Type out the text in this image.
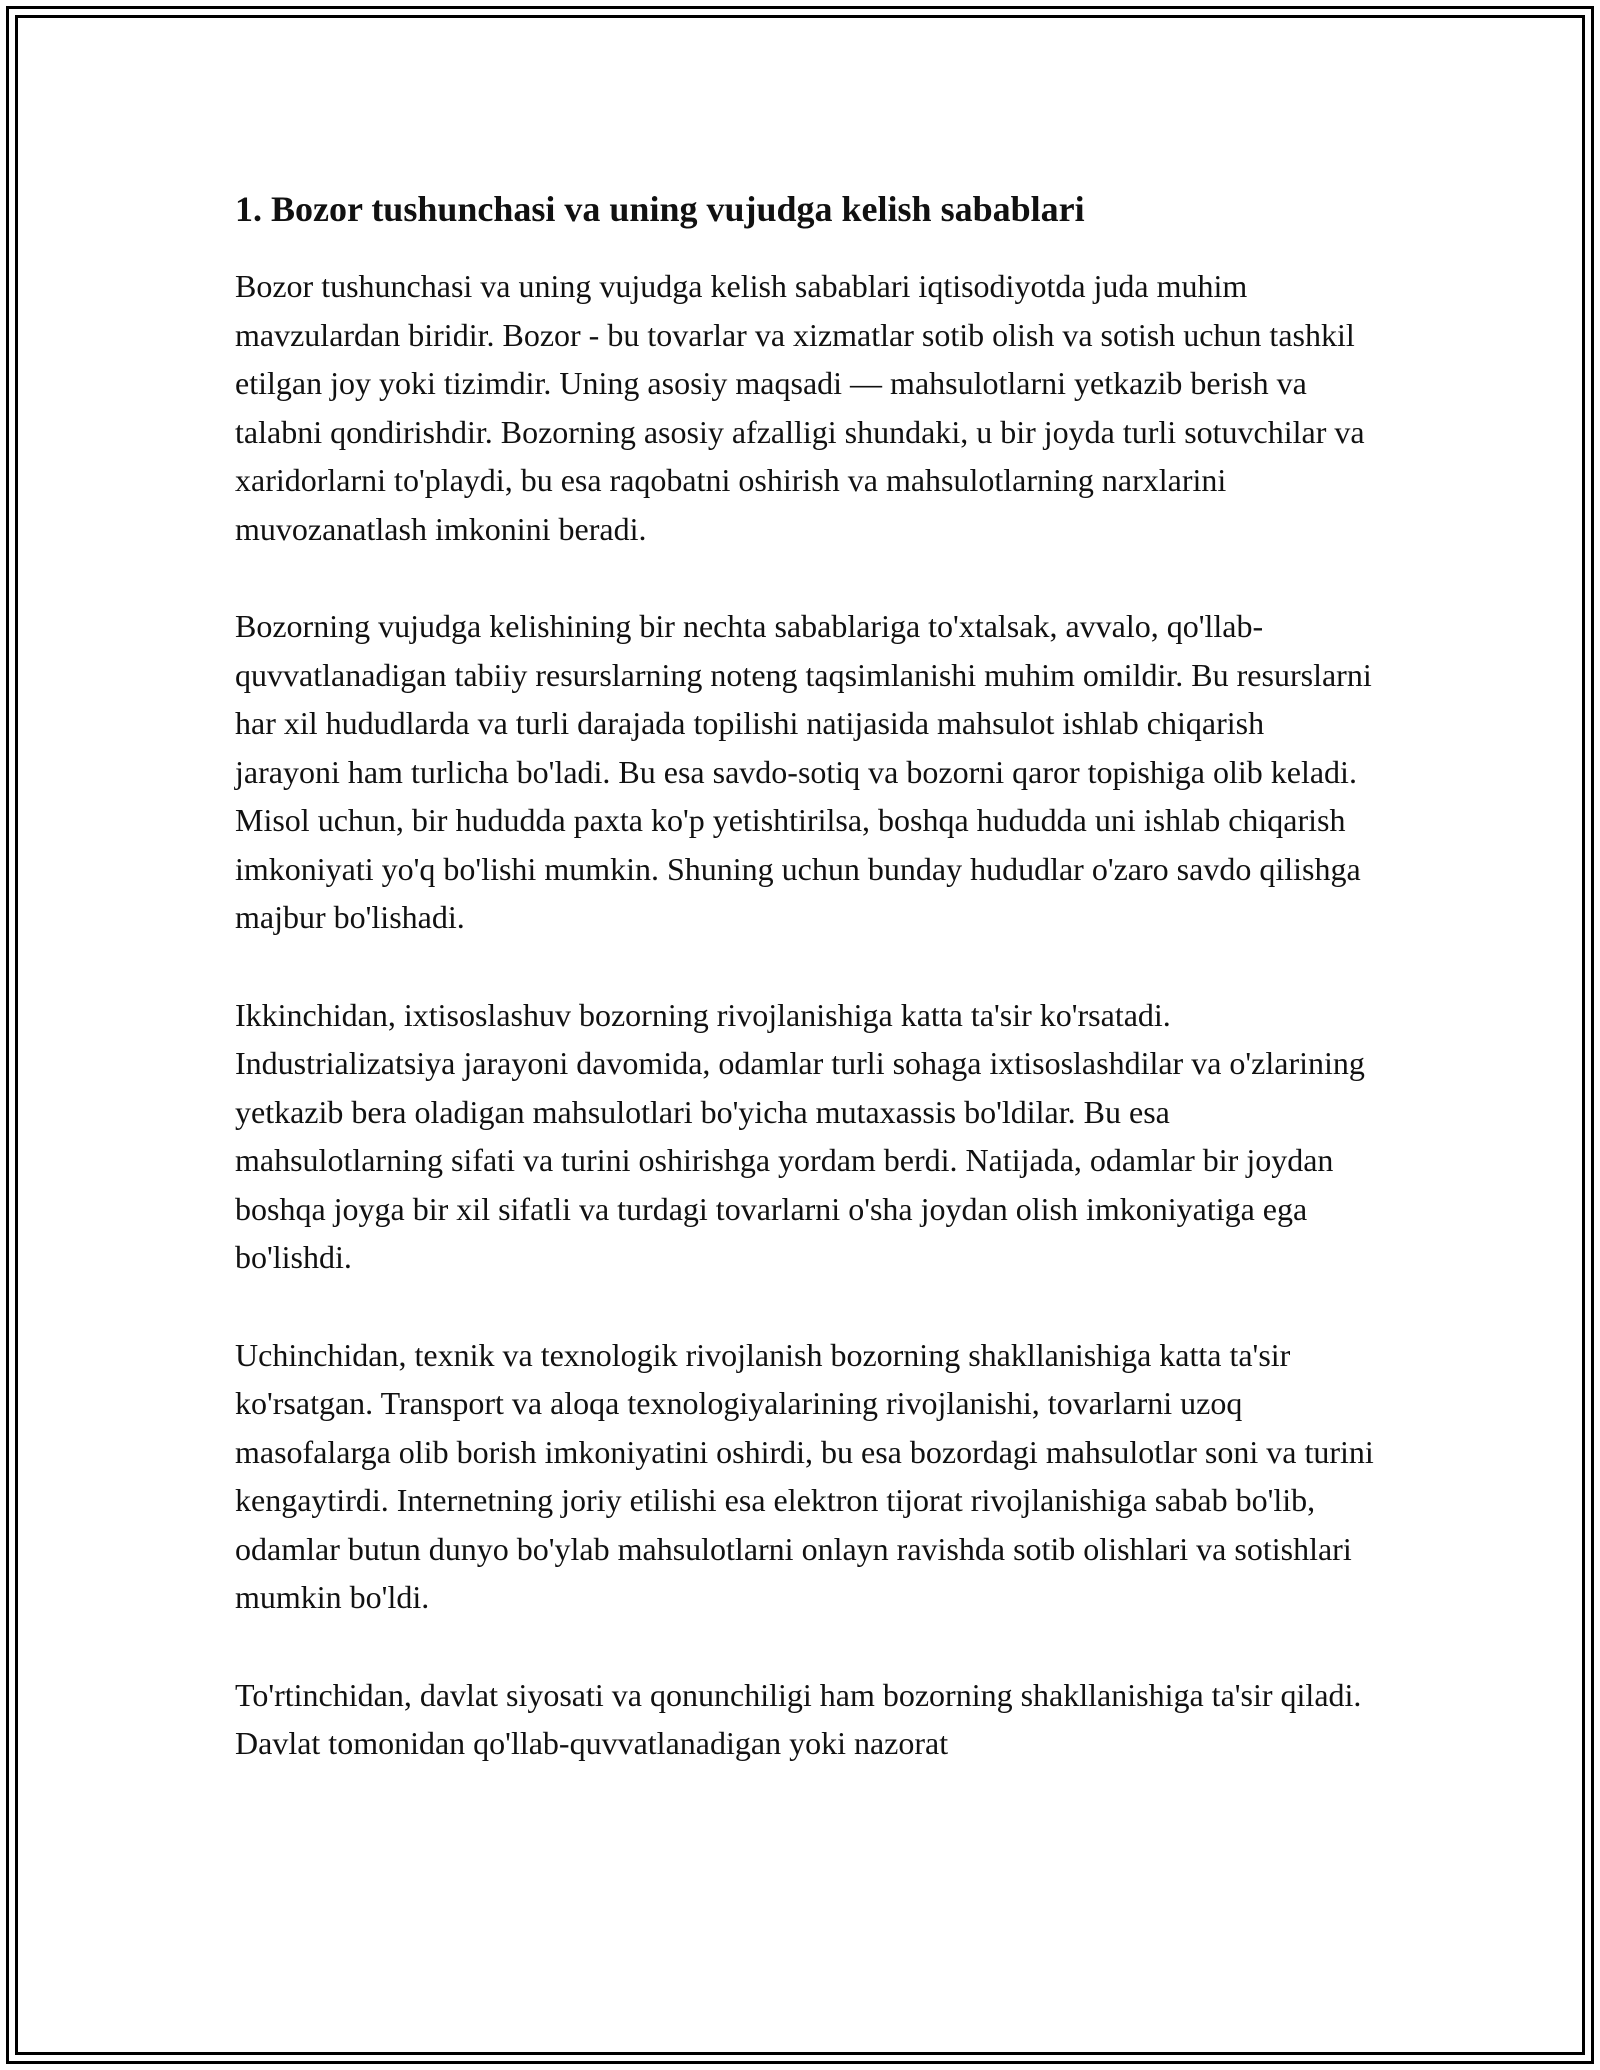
1. Bozor tushunchasi va uning vujudga kelish sabablari

Bozor tushunchasi va uning vujudga kelish sabablari iqtisodiyotda juda muhim mavzulardan biridir. Bozor - bu tovarlar va xizmatlar sotib olish va sotish uchun tashkil etilgan joy yoki tizimdir. Uning asosiy maqsadi — mahsulotlarni yetkazib berish va talabni qondirishdir. Bozorning asosiy afzalligi shundaki, u bir joyda turli sotuvchilar va xaridorlarni to'playdi, bu esa raqobatni oshirish va mahsulotlarning narxlarini muvozanatlash imkonini beradi.

Bozorning vujudga kelishining bir nechta sabablariga to'xtalsak, avvalo, qo'llab-quvvatlanadigan tabiiy resurslarning noteng taqsimlanishi muhim omildir. Bu resurslarni har xil hududlarda va turli darajada topilishi natijasida mahsulot ishlab chiqarish jarayoni ham turlicha bo'ladi. Bu esa savdo-sotiq va bozorni qaror topishiga olib keladi. Misol uchun, bir hududda paxta ko'p yetishtirilsa, boshqa hududda uni ishlab chiqarish imkoniyati yo'q bo'lishi mumkin. Shuning uchun bunday hududlar o'zaro savdo qilishga majbur bo'lishadi.

Ikkinchidan, ixtisoslashuv bozorning rivojlanishiga katta ta'sir ko'rsatadi. Industrializatsiya jarayoni davomida, odamlar turli sohaga ixtisoslashdilar va o'zlarining yetkazib bera oladigan mahsulotlari bo'yicha mutaxassis bo'ldilar. Bu esa mahsulotlarning sifati va turini oshirishga yordam berdi. Natijada, odamlar bir joydan boshqa joyga bir xil sifatli va turdagi tovarlarni o'sha joydan olish imkoniyatiga ega bo'lishdi.

Uchinchidan, texnik va texnologik rivojlanish bozorning shakllanishiga katta ta'sir ko'rsatgan. Transport va aloqa texnologiyalarining rivojlanishi, tovarlarni uzoq masofalarga olib borish imkoniyatini oshirdi, bu esa bozordagi mahsulotlar soni va turini kengaytirdi. Internetning joriy etilishi esa elektron tijorat rivojlanishiga sabab bo'lib, odamlar butun dunyo bo'ylab mahsulotlarni onlayn ravishda sotib olishlari va sotishlari mumkin bo'ldi.

To'rtinchidan, davlat siyosati va qonunchiligi ham bozorning shakllanishiga ta'sir qiladi. Davlat tomonidan qo'llab-quvvatlanadigan yoki nazorat
